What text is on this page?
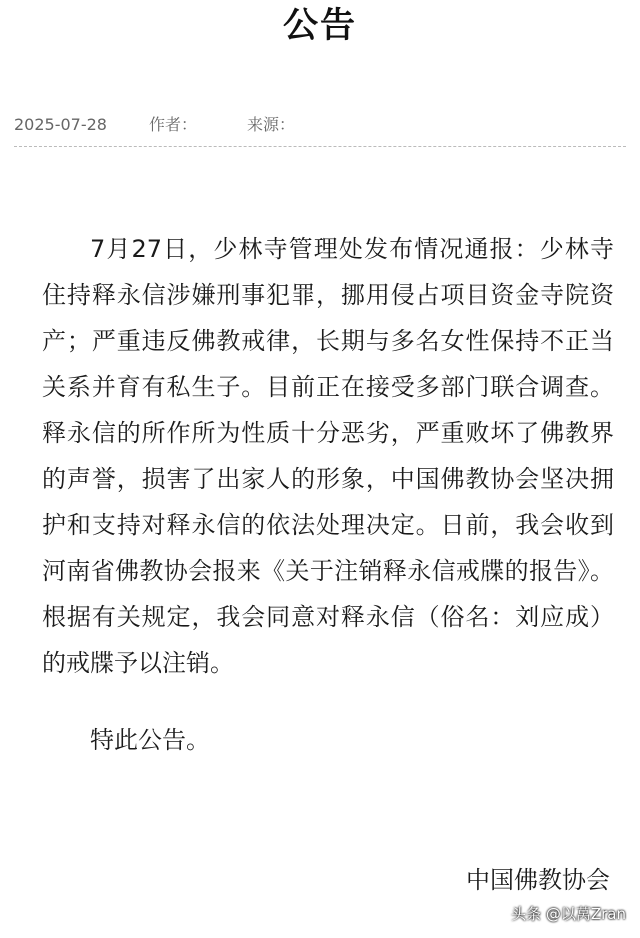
公告
2025-07-28	作者：	来源：

7月27日，少林寺管理处发布情况通报：少林寺住持释永信涉嫌刑事犯罪，挪用侵占项目资金寺院资产；严重违反佛教戒律，长期与多名女性保持不正当关系并育有私生子。目前正在接受多部门联合调查。释永信的所作所为性质十分恶劣，严重败坏了佛教界的声誉，损害了出家人的形象，中国佛教协会坚决拥护和支持对释永信的依法处理决定。日前，我会收到河南省佛教协会报来《关于注销释永信戒牒的报告》。根据有关规定，我会同意对释永信（俗名：刘应成）的戒牒予以注销。

特此公告。
中国佛教协会
头条 @以莴Zran
